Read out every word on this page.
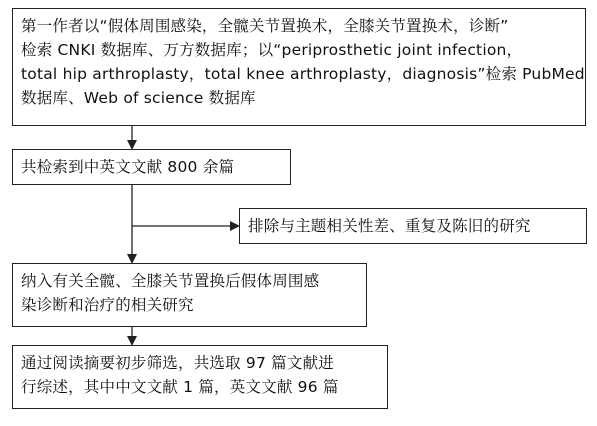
第一作者以“假体周围感染，全髋关节置换术，全膝关节置换术，诊断”
检索 CNKI 数据库、万方数据库；以“periprosthetic joint infection，
total hip arthroplasty，total knee arthroplasty，diagnosis”检索 PubMed
数据库、Web of science 数据库
共检索到中英文文献 800 余篇
排除与主题相关性差、重复及陈旧的研究
纳入有关全髋、全膝关节置换后假体周围感
染诊断和治疗的相关研究
通过阅读摘要初步筛选，共选取 97 篇文献进
行综述，其中中文文献 1 篇，英文文献 96 篇
